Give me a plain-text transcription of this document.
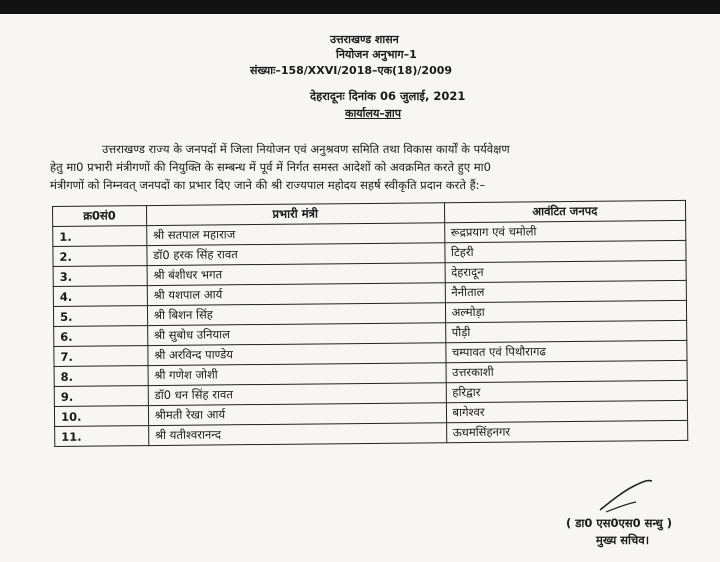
उत्तराखण्ड शासन
नियोजन अनुभाग–1
संख्याः–158/XXVI/2018–एक(18)/2009
देहरादूनः दिनांक 06 जुलाई, 2021
कार्यालय–ज्ञाप
उत्तराखण्ड राज्य के जनपदों में जिला नियोजन एवं अनुश्रवण समिति तथा विकास कार्यों के पर्यवेक्षण
हेतु मा0 प्रभारी मंत्रीगणों की नियुक्ति के सम्बन्ध में पूर्व में निर्गत समस्त आदेशों को अवक्रमित करते हुए मा0
मंत्रीगणों को निम्नवत् जनपदों का प्रभार दिए जाने की श्री राज्यपाल महोदय सहर्ष स्वीकृति प्रदान करते हैं:–
क्र0सं0	प्रभारी मंत्री	आवंटित जनपद
1.	श्री सतपाल महाराज	रूद्रप्रयाग एवं चमोली
2.	डॉ0 हरक सिंह रावत	टिहरी
3.	श्री बंशीधर भगत	देहरादून
4.	श्री यशपाल आर्य	नैनीताल
5.	श्री बिशन सिंह	अल्मोड़ा
6.	श्री सुबोध उनियाल	पौड़ी
7.	श्री अरविन्द पाण्डेय	चम्पावत एवं पिथौरागढ
8.	श्री गणेश जोशी	उत्तरकाशी
9.	डॉ0 धन सिंह रावत	हरिद्वार
10.	श्रीमती रेखा आर्य	बागेश्वर
11.	श्री यतीश्वरानन्द	ऊधमसिंहनगर
( डा0 एस0एस0 सन्धु )
मुख्य सचिव।
